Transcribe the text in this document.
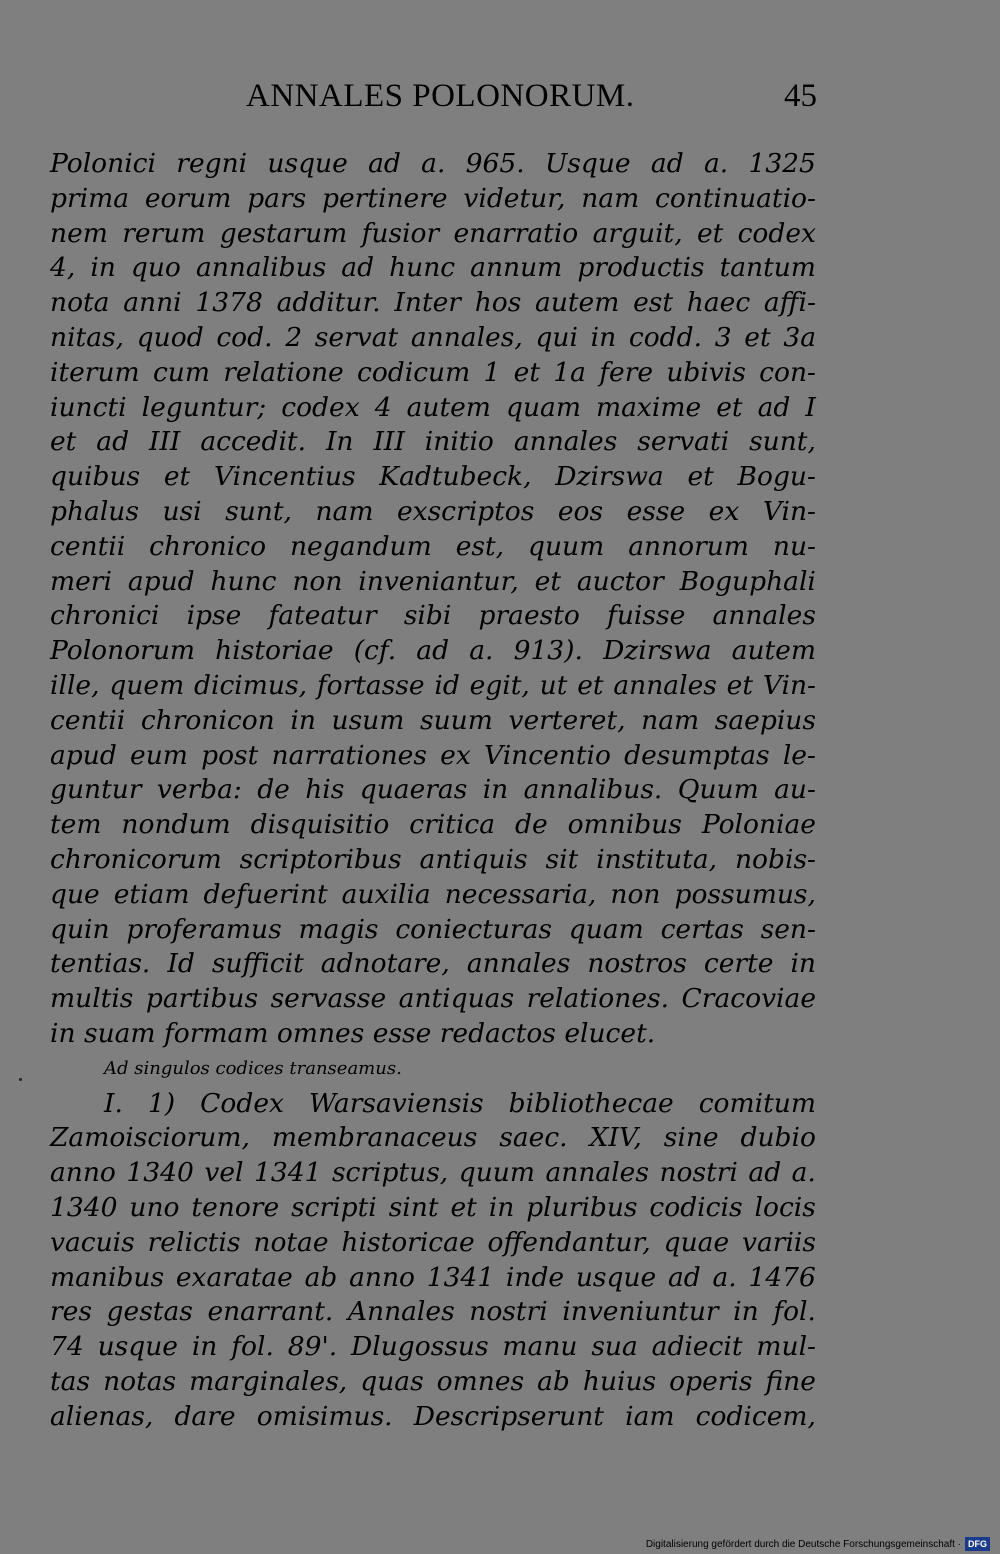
ANNALES POLONORUM.	45
Polonici regni usque ad a. 965. Usque ad a. 1325
prima eorum pars pertinere videtur, nam continuatio-
nem rerum gestarum fusior enarratio arguit, et codex
4, in quo annalibus ad hunc annum productis tantum
nota anni 1378 additur. Inter hos autem est haec affi-
nitas, quod cod. 2 servat annales, qui in codd. 3 et 3a
iterum cum relatione codicum 1 et 1a fere ubivis con-
iuncti leguntur; codex 4 autem quam maxime et ad I
et ad III accedit. In III initio annales servati sunt,
quibus et Vincentius Kadtubeck, Dzirswa et Bogu-
phalus usi sunt, nam exscriptos eos esse ex Vin-
centii chronico negandum est, quum annorum nu-
meri apud hunc non inveniantur, et auctor Boguphali
chronici ipse fateatur sibi praesto fuisse annales
Polonorum historiae (cf. ad a. 913). Dzirswa autem
ille, quem dicimus, fortasse id egit, ut et annales et Vin-
centii chronicon in usum suum verteret, nam saepius
apud eum post narrationes ex Vincentio desumptas le-
guntur verba: de his quaeras in annalibus. Quum au-
tem nondum disquisitio critica de omnibus Poloniae
chronicorum scriptoribus antiquis sit instituta, nobis-
que etiam defuerint auxilia necessaria, non possumus,
quin proferamus magis coniecturas quam certas sen-
tentias. Id sufficit adnotare, annales nostros certe in
multis partibus servasse antiquas relationes. Cracoviae
in suam formam omnes esse redactos elucet.
Ad singulos codices transeamus.
I. 1) Codex Warsaviensis bibliothecae comitum
Zamoisciorum, membranaceus saec. XIV, sine dubio
anno 1340 vel 1341 scriptus, quum annales nostri ad a.
1340 uno tenore scripti sint et in pluribus codicis locis
vacuis relictis notae historicae offendantur, quae variis
manibus exaratae ab anno 1341 inde usque ad a. 1476
res gestas enarrant. Annales nostri inveniuntur in fol.
74 usque in fol. 89'. Dlugossus manu sua adiecit mul-
tas notas marginales, quas omnes ab huius operis fine
alienas, dare omisimus. Descripserunt iam codicem,
Digitalisierung gefördert durch die Deutsche Forschungsgemeinschaft · DFG
